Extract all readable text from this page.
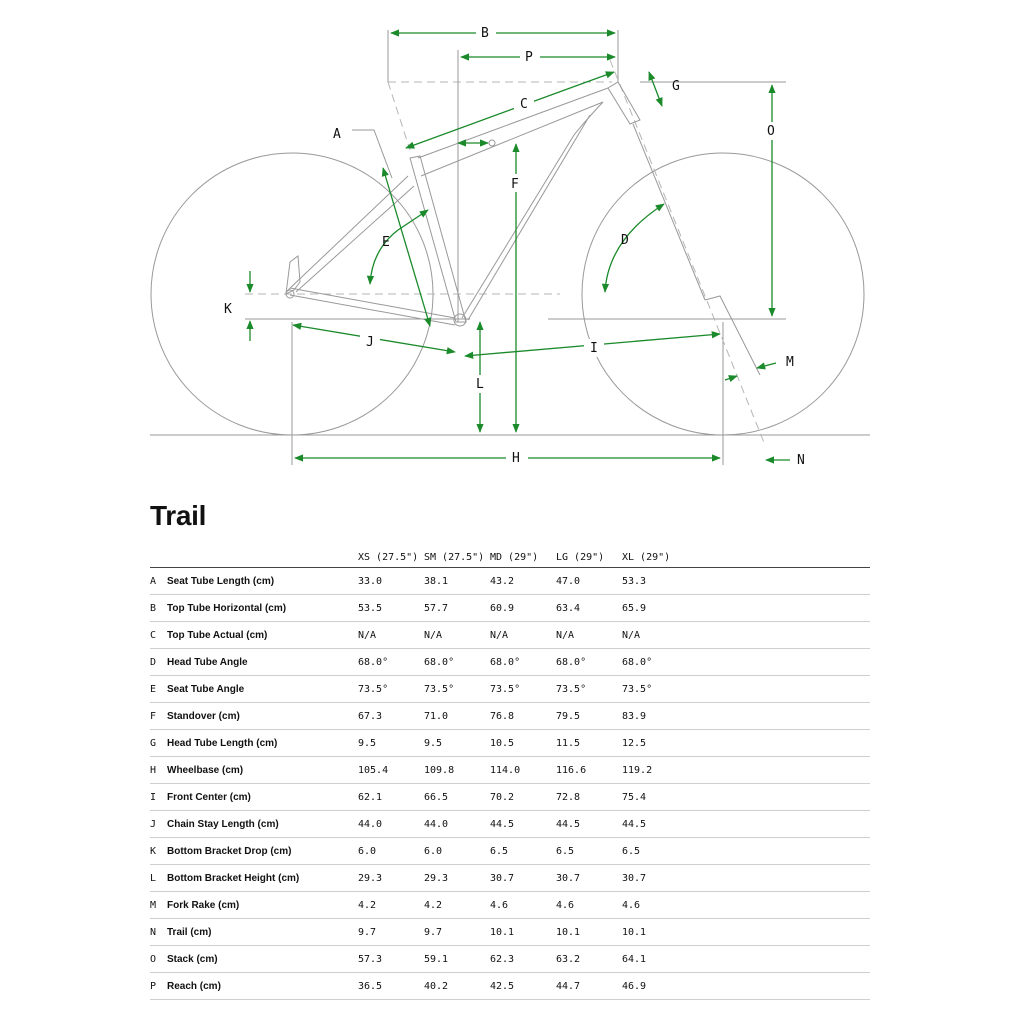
B
P
C
G
O
F
A
E	D
K
J	I
M
L
H	N
Trail
		XS (27.5")	SM (27.5")	MD (29")	LG (29")	XL (29")	
A	Seat Tube Length (cm)	33.0	38.1	43.2	47.0	53.3	
B	Top Tube Horizontal (cm)	53.5	57.7	60.9	63.4	65.9	
C	Top Tube Actual (cm)	N/A	N/A	N/A	N/A	N/A	
D	Head Tube Angle	68.0°	68.0°	68.0°	68.0°	68.0°	
E	Seat Tube Angle	73.5°	73.5°	73.5°	73.5°	73.5°	
F	Standover (cm)	67.3	71.0	76.8	79.5	83.9	
G	Head Tube Length (cm)	9.5	9.5	10.5	11.5	12.5	
H	Wheelbase (cm)	105.4	109.8	114.0	116.6	119.2	
I	Front Center (cm)	62.1	66.5	70.2	72.8	75.4	
J	Chain Stay Length (cm)	44.0	44.0	44.5	44.5	44.5	
K	Bottom Bracket Drop (cm)	6.0	6.0	6.5	6.5	6.5	
L	Bottom Bracket Height (cm)	29.3	29.3	30.7	30.7	30.7	
M	Fork Rake (cm)	4.2	4.2	4.6	4.6	4.6	
N	Trail (cm)	9.7	9.7	10.1	10.1	10.1	
O	Stack (cm)	57.3	59.1	62.3	63.2	64.1	
P	Reach (cm)	36.5	40.2	42.5	44.7	46.9	
